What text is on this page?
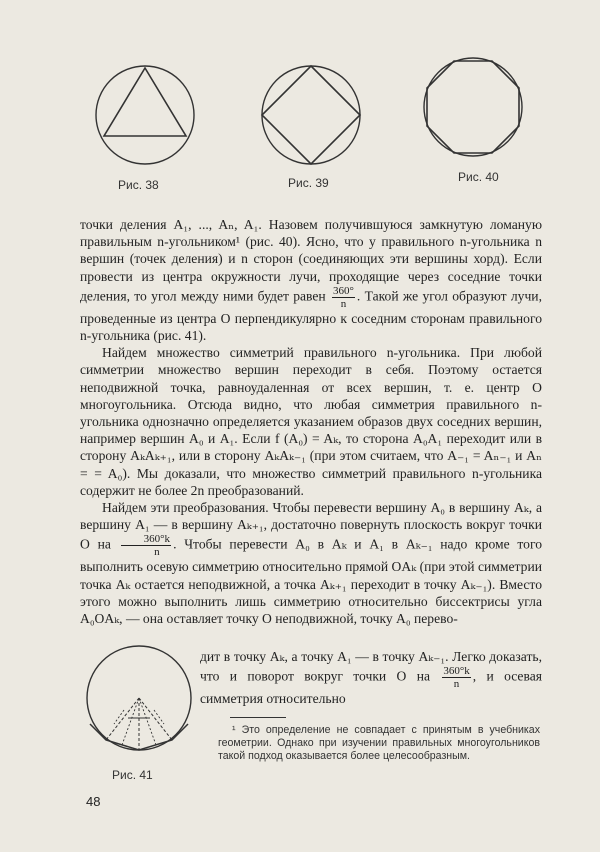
Рис. 38	Рис. 39	Рис. 40

точки деления A₁, ..., Aₙ, A₁. Назовем получившуюся замкнутую ломаную правильным n-угольником¹ (рис. 40). Ясно, что у правильного n-угольника n вершин (точек деления) и n сторон (соединяющих эти вершины хорд). Если провести из центра окружности лучи, проходящие через соседние точки деления, то угол между ними будет равен $\frac{360^\circ}{n}$ . Такой же угол образуют лучи, проведенные из центра O перпендикулярно к соседним сторонам правильного n-угольника (рис. 41).

Найдем множество симметрий правильного n-угольника. При любой симметрии множество вершин переходит в себя. Поэтому остается неподвижной точка, равноудаленная от всех вершин, т. е. центр O многоугольника. Отсюда видно, что любая симметрия правильного n-угольника однозначно определяется указанием образов двух соседних вершин, например вершин A₀ и A₁. Если f (A₀) = Aₖ, то сторона A₀A₁ переходит или в сторону AₖAₖ₊₁, или в сторону AₖAₖ₋₁ (при этом считаем, что A₋₁ = Aₙ₋₁ и Aₙ = = A₀). Мы доказали, что множество симметрий правильного n-угольника содержит не более 2n преобразований.

Найдем эти преобразования. Чтобы перевести вершину A₀ в вершину Aₖ, а вершину A₁ — в вершину Aₖ₊₁, достаточно повернуть плоскость вокруг точки O на $\frac{360^\circ k}{n}$ . Чтобы перевести A₀ в Aₖ и A₁ в Aₖ₋₁ надо кроме того выполнить осевую симметрию относительно прямой OAₖ (при этой симметрии точка Aₖ остается неподвижной, а точка Aₖ₊₁ переходит в точку Aₖ₋₁). Вместо этого можно выполнить лишь симметрию относительно биссектрисы угла A₀OAₖ, — она оставляет точку O неподвижной, точку A₀ перево-

Рис. 41

дит в точку Aₖ, а точку A₁ — в точку Aₖ₋₁. Легко доказать, что и поворот вокруг точки O на $\frac{360^\circ k}{n}$ , и осевая симметрия относительно

¹ Это определение не совпадает с принятым в учебниках геометрии. Однако при изучении правильных многоугольников такой подход оказывается более целесообразным.

48
